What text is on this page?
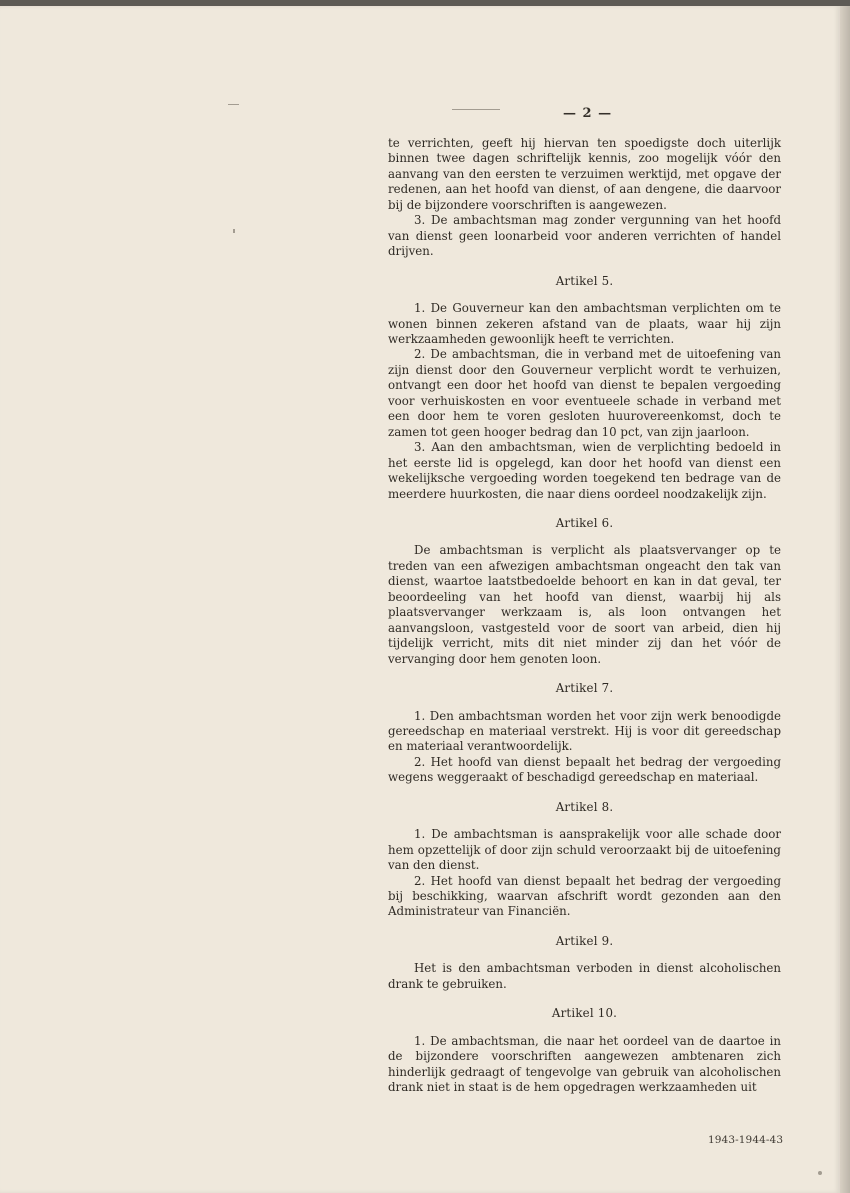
— 2 —

te verrichten, geeft hij hiervan ten spoedigste doch uiterlijk binnen twee dagen schriftelijk kennis, zoo mogelijk vóór den aanvang van den eersten te verzuimen werktijd, met opgave der redenen, aan het hoofd van dienst, of aan dengene, die daarvoor bij de bijzondere voorschriften is aangewezen.

3. De ambachtsman mag zonder vergunning van het hoofd van dienst geen loonarbeid voor anderen verrichten of handel drijven.

Artikel 5.

1. De Gouverneur kan den ambachtsman verplichten om te wonen binnen zekeren afstand van de plaats, waar hij zijn werkzaamheden gewoonlijk heeft te verrichten.

2. De ambachtsman, die in verband met de uitoefening van zijn dienst door den Gouverneur verplicht wordt te verhuizen, ontvangt een door het hoofd van dienst te bepalen vergoeding voor verhuiskosten en voor eventueele schade in verband met een door hem te voren gesloten huurovereenkomst, doch te zamen tot geen hooger bedrag dan 10 pct, van zijn jaarloon.

3. Aan den ambachtsman, wien de verplichting bedoeld in het eerste lid is opgelegd, kan door het hoofd van dienst een wekelijksche vergoeding worden toegekend ten bedrage van de meerdere huurkosten, die naar diens oordeel noodzakelijk zijn.

Artikel 6.

De ambachtsman is verplicht als plaatsvervanger op te treden van een afwezigen ambachtsman ongeacht den tak van dienst, waartoe laatstbedoelde behoort en kan in dat geval, ter beoordeeling van het hoofd van dienst, waarbij hij als plaatsvervanger werkzaam is, als loon ontvangen het aanvangsloon, vastgesteld voor de soort van arbeid, dien hij tijdelijk verricht, mits dit niet minder zij dan het vóór de vervanging door hem genoten loon.

Artikel 7.

1. Den ambachtsman worden het voor zijn werk benoodigde gereedschap en materiaal verstrekt. Hij is voor dit gereedschap en materiaal verantwoordelijk.

2. Het hoofd van dienst bepaalt het bedrag der vergoeding wegens weggeraakt of beschadigd gereedschap en materiaal.

Artikel 8.

1. De ambachtsman is aansprakelijk voor alle schade door hem opzettelijk of door zijn schuld veroorzaakt bij de uitoefening van den dienst.

2. Het hoofd van dienst bepaalt het bedrag der vergoeding bij beschikking, waarvan afschrift wordt gezonden aan den Administrateur van Financiën.

Artikel 9.

Het is den ambachtsman verboden in dienst alcoholischen drank te gebruiken.

Artikel 10.

1. De ambachtsman, die naar het oordeel van de daartoe in de bijzondere voorschriften aangewezen ambtenaren zich hinderlijk gedraagt of tengevolge van gebruik van alcoholischen drank niet in staat is de hem opgedragen werkzaamheden uit

1943-1944-43
